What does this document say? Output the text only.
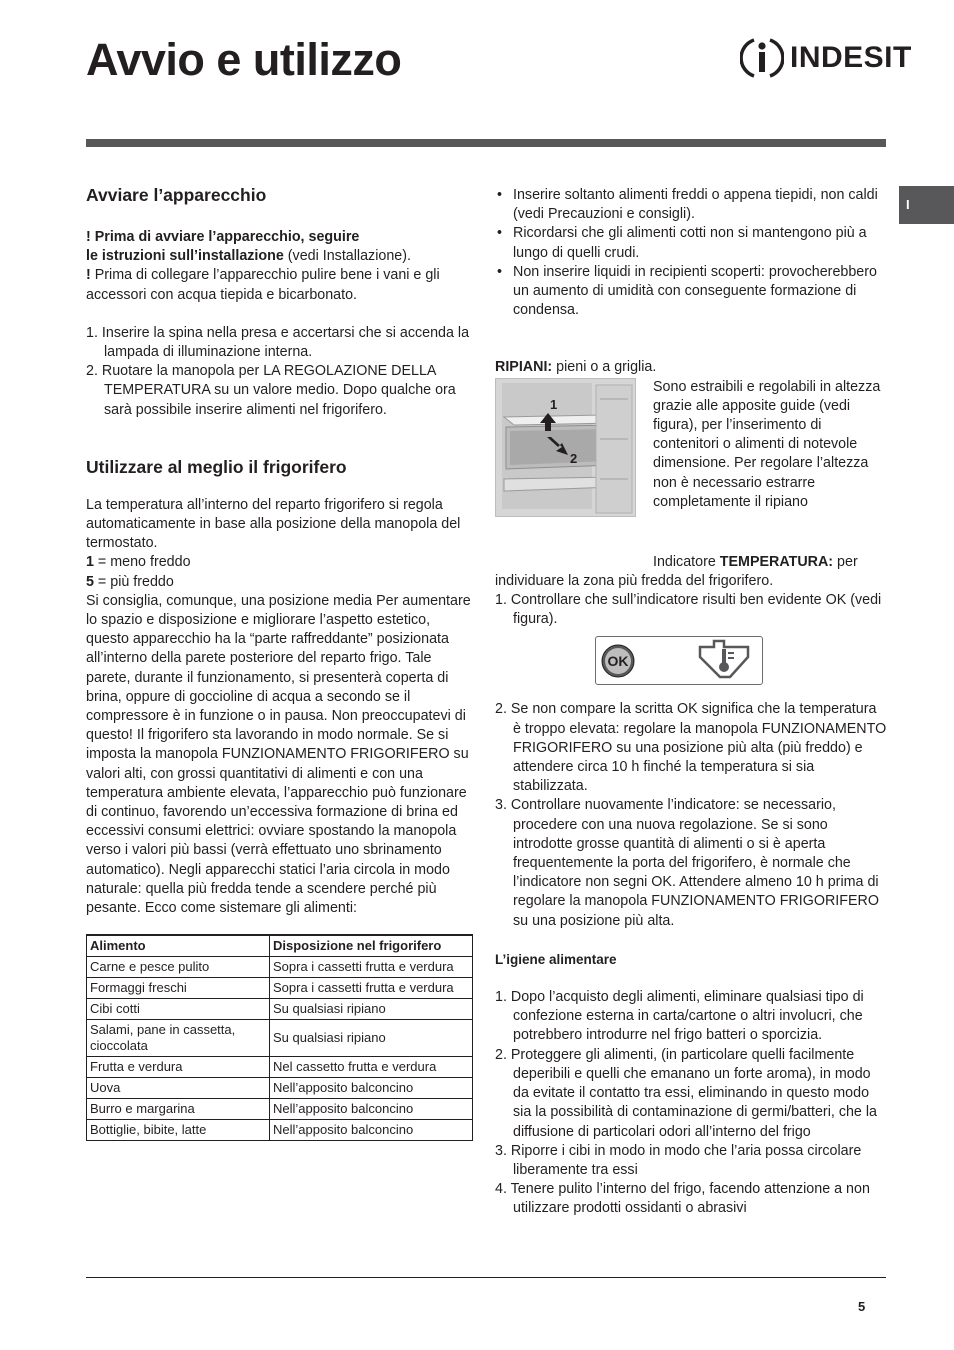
Avvio e utilizzo	INDESIT
I
Avviare l’apparecchio

! Prima di avviare l’apparecchio, seguire
le istruzioni sull’installazione (vedi Installazione).
! Prima di collegare l’apparecchio pulire bene i vani e gli accessori con acqua tiepida e bicarbonato.

1. Inserire la spina nella presa e accertarsi che si accenda la lampada di illuminazione interna.
2. Ruotare la manopola per LA REGOLAZIONE DELLA TEMPERATURA su un valore medio. Dopo qualche ora sarà possibile inserire alimenti nel frigorifero.
Utilizzare al meglio il frigorifero

La temperatura all’interno del reparto frigorifero si regola automaticamente in base alla posizione della manopola del termostato.

1 = meno freddo

5 = più freddo

Si consiglia, comunque, una posizione media Per aumentare lo spazio e disposizione e migliorare l’aspetto estetico, questo apparecchio ha la “parte raffreddante” posizionata all’interno della parete posteriore del reparto frigo. Tale parete, durante il funzionamento, si presenterà coperta di brina, oppure di goccioline di acqua a secondo se il compressore è in funzione o in pausa. Non preoccupatevi di questo! Il frigorifero sta lavorando in modo normale. Se si imposta la manopola FUNZIONAMENTO FRIGORIFERO su valori alti, con grossi quantitativi di alimenti e con una temperatura ambiente elevata, l’apparecchio può funzionare di continuo, favorendo un’eccessiva formazione di brina ed eccessivi consumi elettrici: ovviare spostando la manopola verso i valori più bassi (verrà effettuato uno sbrinamento automatico). Negli apparecchi statici l’aria circola in modo naturale: quella più fredda tende a scendere perché più pesante. Ecco come sistemare gli alimenti:

Alimento	Disposizione nel frigorifero
Carne e pesce pulito	Sopra i cassetti frutta e verdura
Formaggi freschi	Sopra i cassetti frutta e verdura
Cibi cotti	Su qualsiasi ripiano
Salami, pane in cassetta, cioccolata	Su qualsiasi ripiano
Frutta e verdura	Nel cassetto frutta e verdura
Uova	Nell’apposito balconcino
Burro e margarina	Nell’apposito balconcino
Bottiglie, bibite, latte	Nell’apposito balconcino
• Inserire soltanto alimenti freddi o appena tiepidi, non caldi (vedi Precauzioni e consigli).
• Ricordarsi che gli alimenti cotti non si mantengono più a lungo di quelli crudi.
• Non inserire liquidi in recipienti scoperti: provocherebbero un aumento di umidità con conseguente formazione di condensa.

RIPIANI: pieni o a griglia.

1
2

Sono estraibili e regolabili in altezza grazie alle apposite guide (vedi figura), per l’inserimento di contenitori o alimenti di notevole dimensione. Per regolare l’altezza non è necessario estrarre completamente il ripiano

Indicatore TEMPERATURA: per individuare la zona più fredda del frigorifero.

1. Controllare che sull’indicatore risulti ben evidente OK (vedi figura).
OK
2. Se non compare la scritta OK significa che la temperatura è troppo elevata: regolare la manopola FUNZIONAMENTO FRIGORIFERO su una posizione più alta (più freddo) e attendere circa 10 h finché la temperatura si sia stabilizzata.
3. Controllare nuovamente l’indicatore: se necessario, procedere con una nuova regolazione. Se si sono introdotte grosse quantità di alimenti o si è aperta frequentemente la porta del frigorifero, è normale che l’indicatore non segni OK. Attendere almeno 10 h prima di regolare la manopola FUNZIONAMENTO FRIGORIFERO su una posizione più alta.

L’igiene alimentare

1. Dopo l’acquisto degli alimenti, eliminare qualsiasi tipo di confezione esterna in carta/cartone o altri involucri, che potrebbero introdurre nel frigo batteri o sporcizia.
2. Proteggere gli alimenti, (in particolare quelli facilmente deperibili e quelli che emanano un forte aroma), in modo da evitate il contatto tra essi, eliminando in questo modo sia la possibilità di contaminazione di germi/batteri, che la diffusione di particolari odori all’interno del frigo
3. Riporre i cibi in modo in modo che l’aria possa circolare liberamente tra essi
4. Tenere pulito l’interno del frigo, facendo attenzione a non utilizzare prodotti ossidanti o abrasivi
5
